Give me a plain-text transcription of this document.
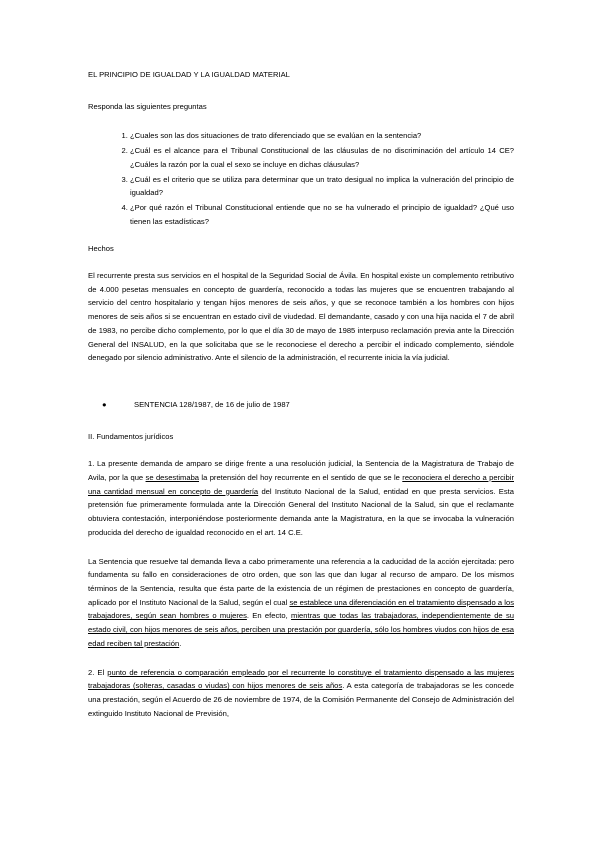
EL PRINCIPIO DE IGUALDAD Y LA IGUALDAD MATERIAL
Responda las siguientes preguntas
1. ¿Cuales son las dos situaciones de trato diferenciado que se evalúan en la sentencia?
2. ¿Cuál es el alcance para el Tribunal Constitucional de las cláusulas de no discriminación del artículo 14 CE? ¿Cuáles la razón por la cual el sexo se incluye en dichas cláusulas?
3. ¿Cuál es el criterio que se utiliza para determinar que un trato desigual no implica la vulneración del principio de igualdad?
4. ¿Por qué razón el Tribunal Constitucional entiende que no se ha vulnerado el principio de igualdad? ¿Qué uso tienen las estadísticas?
Hechos

El recurrente presta sus servicios en el hospital de la Seguridad Social de Ávila. En hospital existe un complemento retributivo de 4.000 pesetas mensuales en concepto de guardería, reconocido a todas las mujeres que se encuentren trabajando al servicio del centro hospitalario y tengan hijos menores de seis años, y que se reconoce también a los hombres con hijos menores de seis años si se encuentran en estado civil de viudedad. El demandante, casado y con una hija nacida el 7 de abril de 1983, no percibe dicho complemento, por lo que el día 30 de mayo de 1985 interpuso reclamación previa ante la Dirección General del INSALUD, en la que solicitaba que se le reconociese el derecho a percibir el indicado complemento, siéndole denegado por silencio administrativo. Ante el silencio de la administración, el recurrente inicia la vía judicial.

●	SENTENCIA 128/1987, de 16 de julio de 1987
II. Fundamentos jurídicos

1. La presente demanda de amparo se dirige frente a una resolución judicial, la Sentencia de la Magistratura de Trabajo de Avila, por la que se desestimaba la pretensión del hoy recurrente en el sentido de que se le reconociera el derecho a percibir una cantidad mensual en concepto de guardería del Instituto Nacional de la Salud, entidad en que presta servicios. Esta pretensión fue primeramente formulada ante la Dirección General del Instituto Nacional de la Salud, sin que el reclamante obtuviera contestación, interponiéndose posteriormente demanda ante la Magistratura, en la que se invocaba la vulneración producida del derecho de igualdad reconocido en el art. 14 C.E.

La Sentencia que resuelve tal demanda lleva a cabo primeramente una referencia a la caducidad de la acción ejercitada: pero fundamenta su fallo en consideraciones de otro orden, que son las que dan lugar al recurso de amparo. De los mismos términos de la Sentencia, resulta que ésta parte de la existencia de un régimen de prestaciones en concepto de guardería, aplicado por el Instituto Nacional de la Salud, según el cual se establece una diferenciación en el tratamiento dispensado a los trabajadores, según sean hombres o mujeres. En efecto, mientras que todas las trabajadoras, independientemente de su estado civil, con hijos menores de seis años, perciben una prestación por guardería, sólo los hombres viudos con hijos de esa edad reciben tal prestación.

2. El punto de referencia o comparación empleado por el recurrente lo constituye el tratamiento dispensado a las mujeres trabajadoras (solteras, casadas o viudas) con hijos menores de seis años. A esta categoría de trabajadoras se les concede una prestación, según el Acuerdo de 26 de noviembre de 1974, de la Comisión Permanente del Consejo de Administración del extinguido Instituto Nacional de Previsión,
